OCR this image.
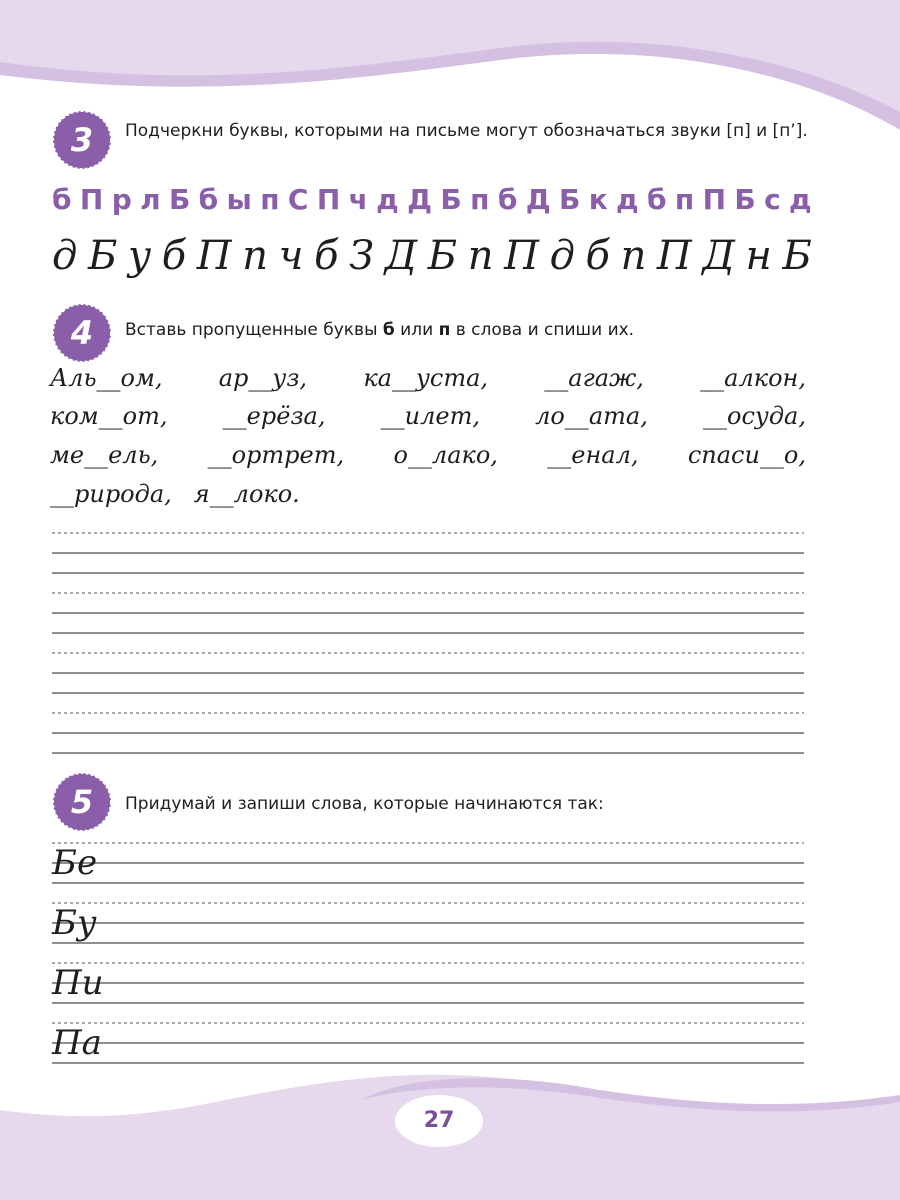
3	Подчеркни буквы, которыми на письме могут обозначаться звуки [п] и [п’].
б П р л Б б ы п С П ч д Д Б п б Д Б к д б п П Б с д
д Б у б П п ч б З Д Б п П д б п П Д н Б
4	Вставь пропущенные буквы б или п в слова и спиши их.
Аль__ом, ар__уз, ка__уста, __агаж, __алкон,
ком__от, __ерёза, __илет, ло__ата, __осуда,
ме__ель, __ортрет, о__лако, __енал, спаси__о,
__рирода, я__локо.
5	Придумай и запиши слова, которые начинаются так:
Бе
Бу
Пи
Па
27
